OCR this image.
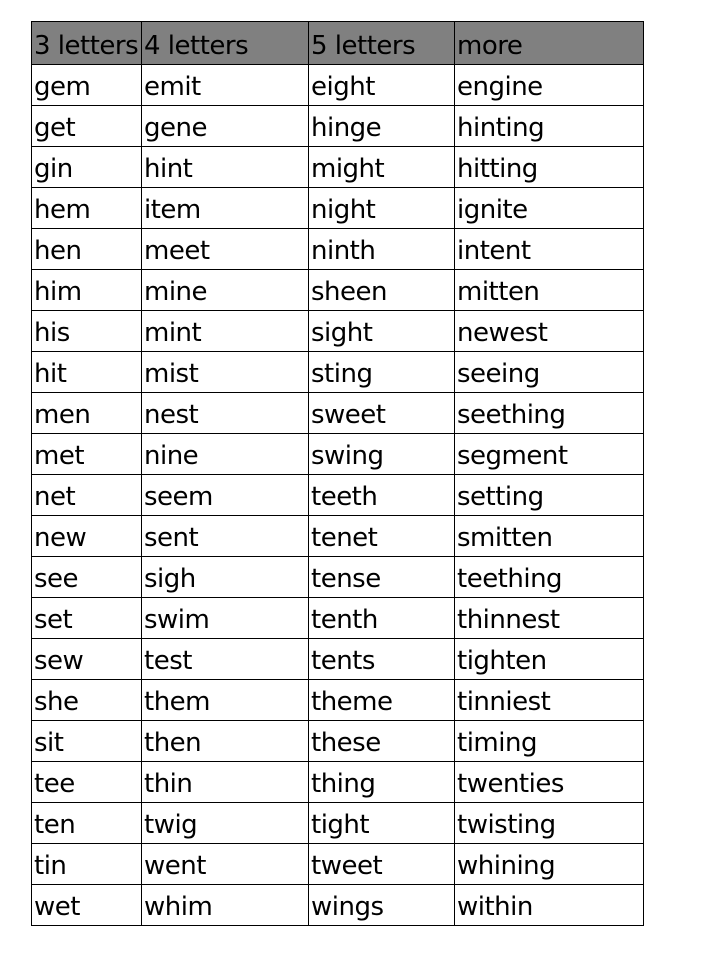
3 letters	4 letters	5 letters	more
gem	emit	eight	engine
get	gene	hinge	hinting
gin	hint	might	hitting
hem	item	night	ignite
hen	meet	ninth	intent
him	mine	sheen	mitten
his	mint	sight	newest
hit	mist	sting	seeing
men	nest	sweet	seething
met	nine	swing	segment
net	seem	teeth	setting
new	sent	tenet	smitten
see	sigh	tense	teething
set	swim	tenth	thinnest
sew	test	tents	tighten
she	them	theme	tinniest
sit	then	these	timing
tee	thin	thing	twenties
ten	twig	tight	twisting
tin	went	tweet	whining
wet	whim	wings	within
